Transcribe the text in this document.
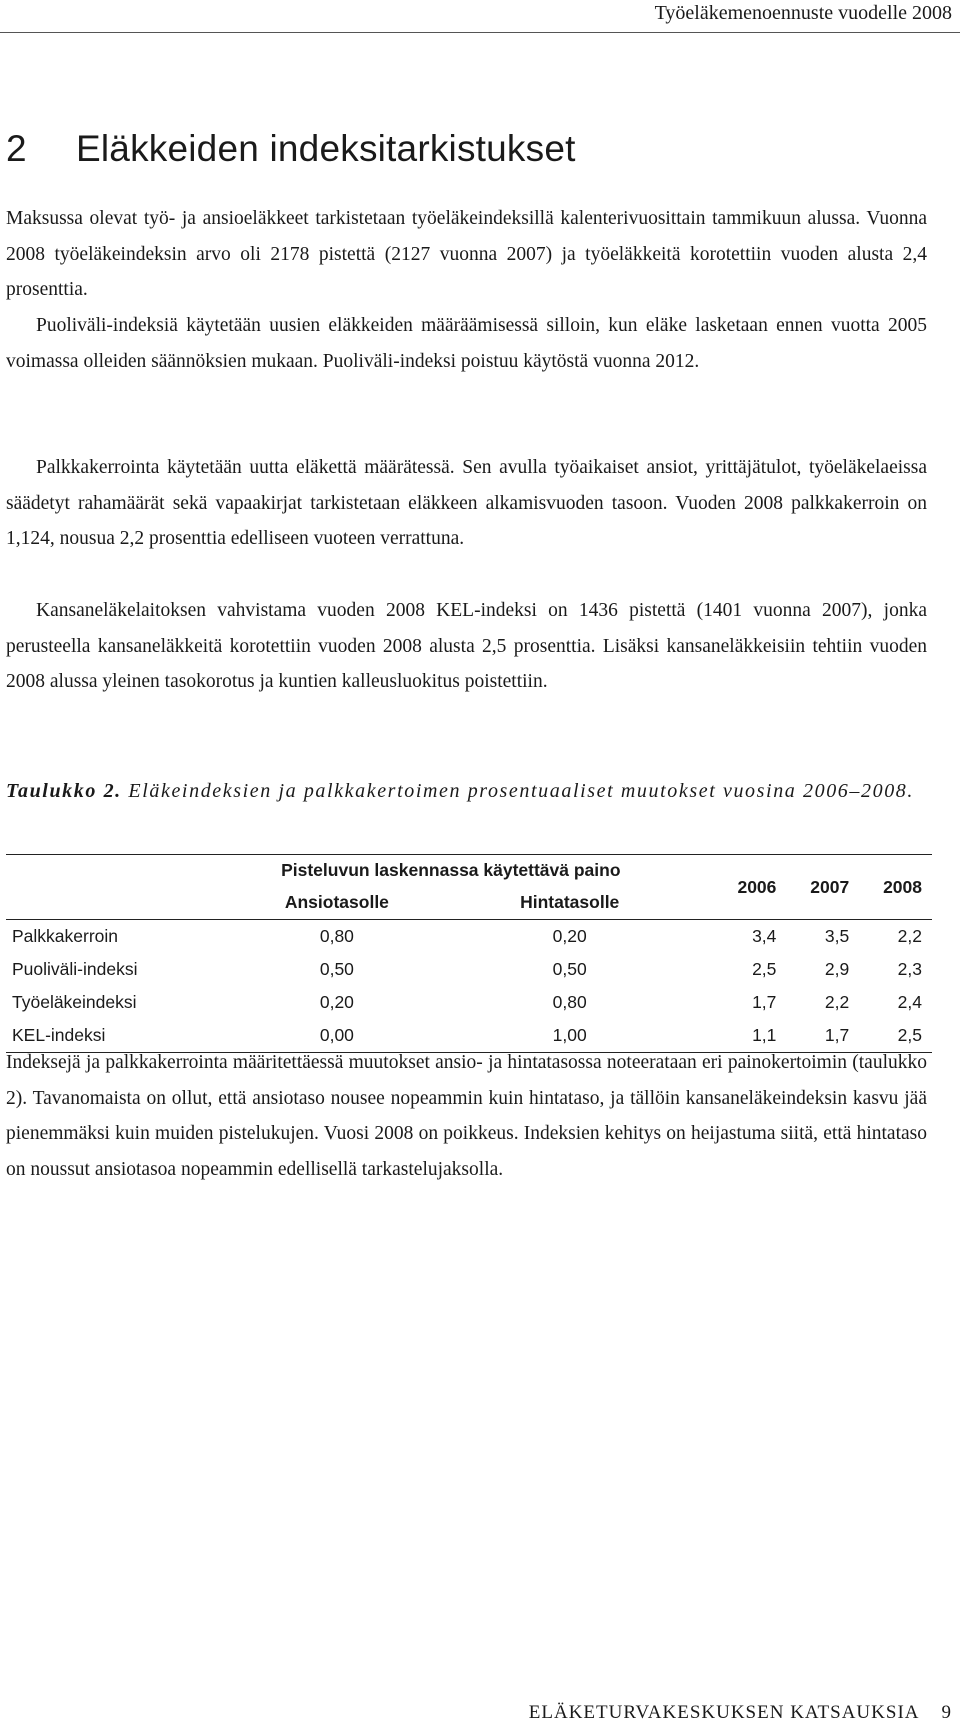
Työeläkemenoennuste vuodelle 2008
2 Eläkkeiden indeksitarkistukset

Maksussa olevat työ- ja ansioeläkkeet tarkistetaan työeläkeindeksillä kalenterivuosittain tammikuun alussa. Vuonna 2008 työeläkeindeksin arvo oli 2178 pistettä (2127 vuonna 2007) ja työeläkkeitä korotettiin vuoden alusta 2,4 prosenttia.

Puoliväli-indeksiä käytetään uusien eläkkeiden määräämisessä silloin, kun eläke lasketaan ennen vuotta 2005 voimassa olleiden säännöksien mukaan. Puoliväli-indeksi poistuu käytöstä vuonna 2012.

Palkkakerrointa käytetään uutta eläkettä määrätessä. Sen avulla työaikaiset ansiot, yrittäjätulot, työeläkelaeissa säädetyt rahamäärät sekä vapaakirjat tarkistetaan eläkkeen alkamisvuoden tasoon. Vuoden 2008 palkkakerroin on 1,124, nousua 2,2 prosenttia edelliseen vuoteen verrattuna.

Kansaneläkelaitoksen vahvistama vuoden 2008 KEL-indeksi on 1436 pistettä (1401 vuonna 2007), jonka perusteella kansaneläkkeitä korotettiin vuoden 2008 alusta 2,5 prosenttia. Lisäksi kansaneläkkeisiin tehtiin vuoden 2008 alussa yleinen tasokorotus ja kuntien kalleusluokitus poistettiin.

Taulukko 2. Eläkeindeksien ja palkkakertoimen prosentuaaliset muutokset vuosina 2006–2008.
	Pisteluvun laskennassa käytettävä paino			2006	2007	2008
	Ansiotasolle	Hintatasolle				
Palkkakerroin	0,80	0,20		3,4	3,5	2,2
Puoliväli-indeksi	0,50	0,50		2,5	2,9	2,3
Työeläkeindeksi	0,20	0,80		1,7	2,2	2,4
KEL-indeksi	0,00	1,00		1,1	1,7	2,5

Indeksejä ja palkkakerrointa määritettäessä muutokset ansio- ja hintatasossa noteerataan eri painokertoimin (taulukko 2). Tavanomaista on ollut, että ansiotaso nousee nopeammin kuin hintataso, ja tällöin kansaneläkeindeksin kasvu jää pienemmäksi kuin muiden pistelukujen. Vuosi 2008 on poikkeus. Indeksien kehitys on heijastuma siitä, että hintataso on noussut ansiotasoa nopeammin edellisellä tarkastelujaksolla.

ELÄKETURVAKESKUKSEN KATSAUKSIA 9
